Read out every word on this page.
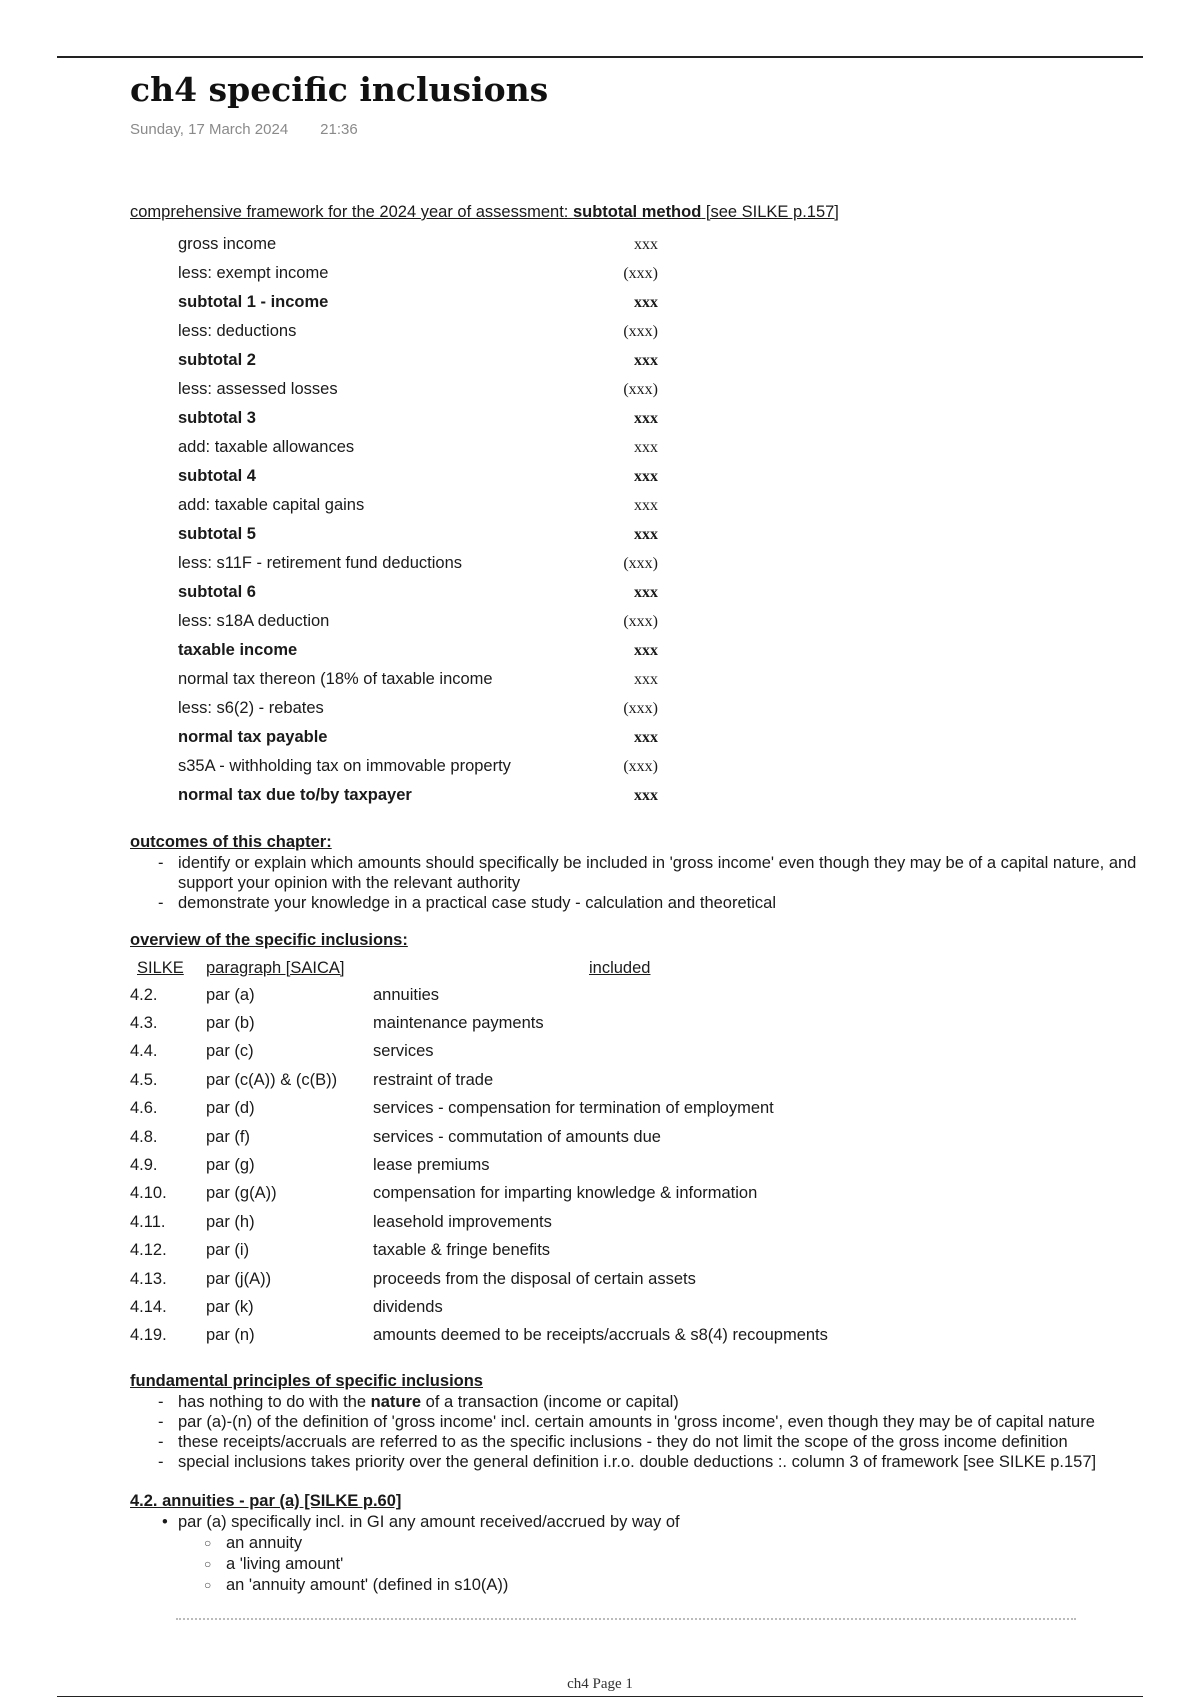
ch4 specific inclusions
Sunday, 17 March 2024 21:36
comprehensive framework for the 2024 year of assessment: subtotal method [see SILKE p.157]
gross income	xxx
less: exempt income	(xxx)
subtotal 1 - income	xxx
less: deductions	(xxx)
subtotal 2	xxx
less: assessed losses	(xxx)
subtotal 3	xxx
add: taxable allowances	xxx
subtotal 4	xxx
add: taxable capital gains	xxx
subtotal 5	xxx
less: s11F - retirement fund deductions	(xxx)
subtotal 6	xxx
less: s18A deduction	(xxx)
taxable income	xxx
normal tax thereon (18% of taxable income	xxx
less: s6(2) - rebates	(xxx)
normal tax payable	xxx
s35A - withholding tax on immovable property	(xxx)
normal tax due to/by taxpayer	xxx
outcomes of this chapter:
- identify or explain which amounts should specifically be included in 'gross income' even though they may be of a capital nature, and support your opinion with the relevant authority
- demonstrate your knowledge in a practical case study - calculation and theoretical
overview of the specific inclusions:
SILKE	paragraph [SAICA]	included
4.2.	par (a)	annuities
4.3.	par (b)	maintenance payments
4.4.	par (c)	services
4.5.	par (c(A)) & (c(B))	restraint of trade
4.6.	par (d)	services - compensation for termination of employment
4.8.	par (f)	services - commutation of amounts due
4.9.	par (g)	lease premiums
4.10.	par (g(A))	compensation for imparting knowledge & information
4.11.	par (h)	leasehold improvements
4.12.	par (i)	taxable & fringe benefits
4.13.	par (j(A))	proceeds from the disposal of certain assets
4.14.	par (k)	dividends
4.19.	par (n)	amounts deemed to be receipts/accruals & s8(4) recoupments
fundamental principles of specific inclusions
- has nothing to do with the nature of a transaction (income or capital)
- par (a)-(n) of the definition of 'gross income' incl. certain amounts in 'gross income', even though they may be of capital nature
- these receipts/accruals are referred to as the specific inclusions - they do not limit the scope of the gross income definition
- special inclusions takes priority over the general definition i.r.o. double deductions :. column 3 of framework [see SILKE p.157]
4.2. annuities - par (a) [SILKE p.60]
• par (a) specifically incl. in GI any amount received/accrued by way of
○ an annuity
○ a 'living amount'
○ an 'annuity amount' (defined in s10(A))
ch4 Page 1
